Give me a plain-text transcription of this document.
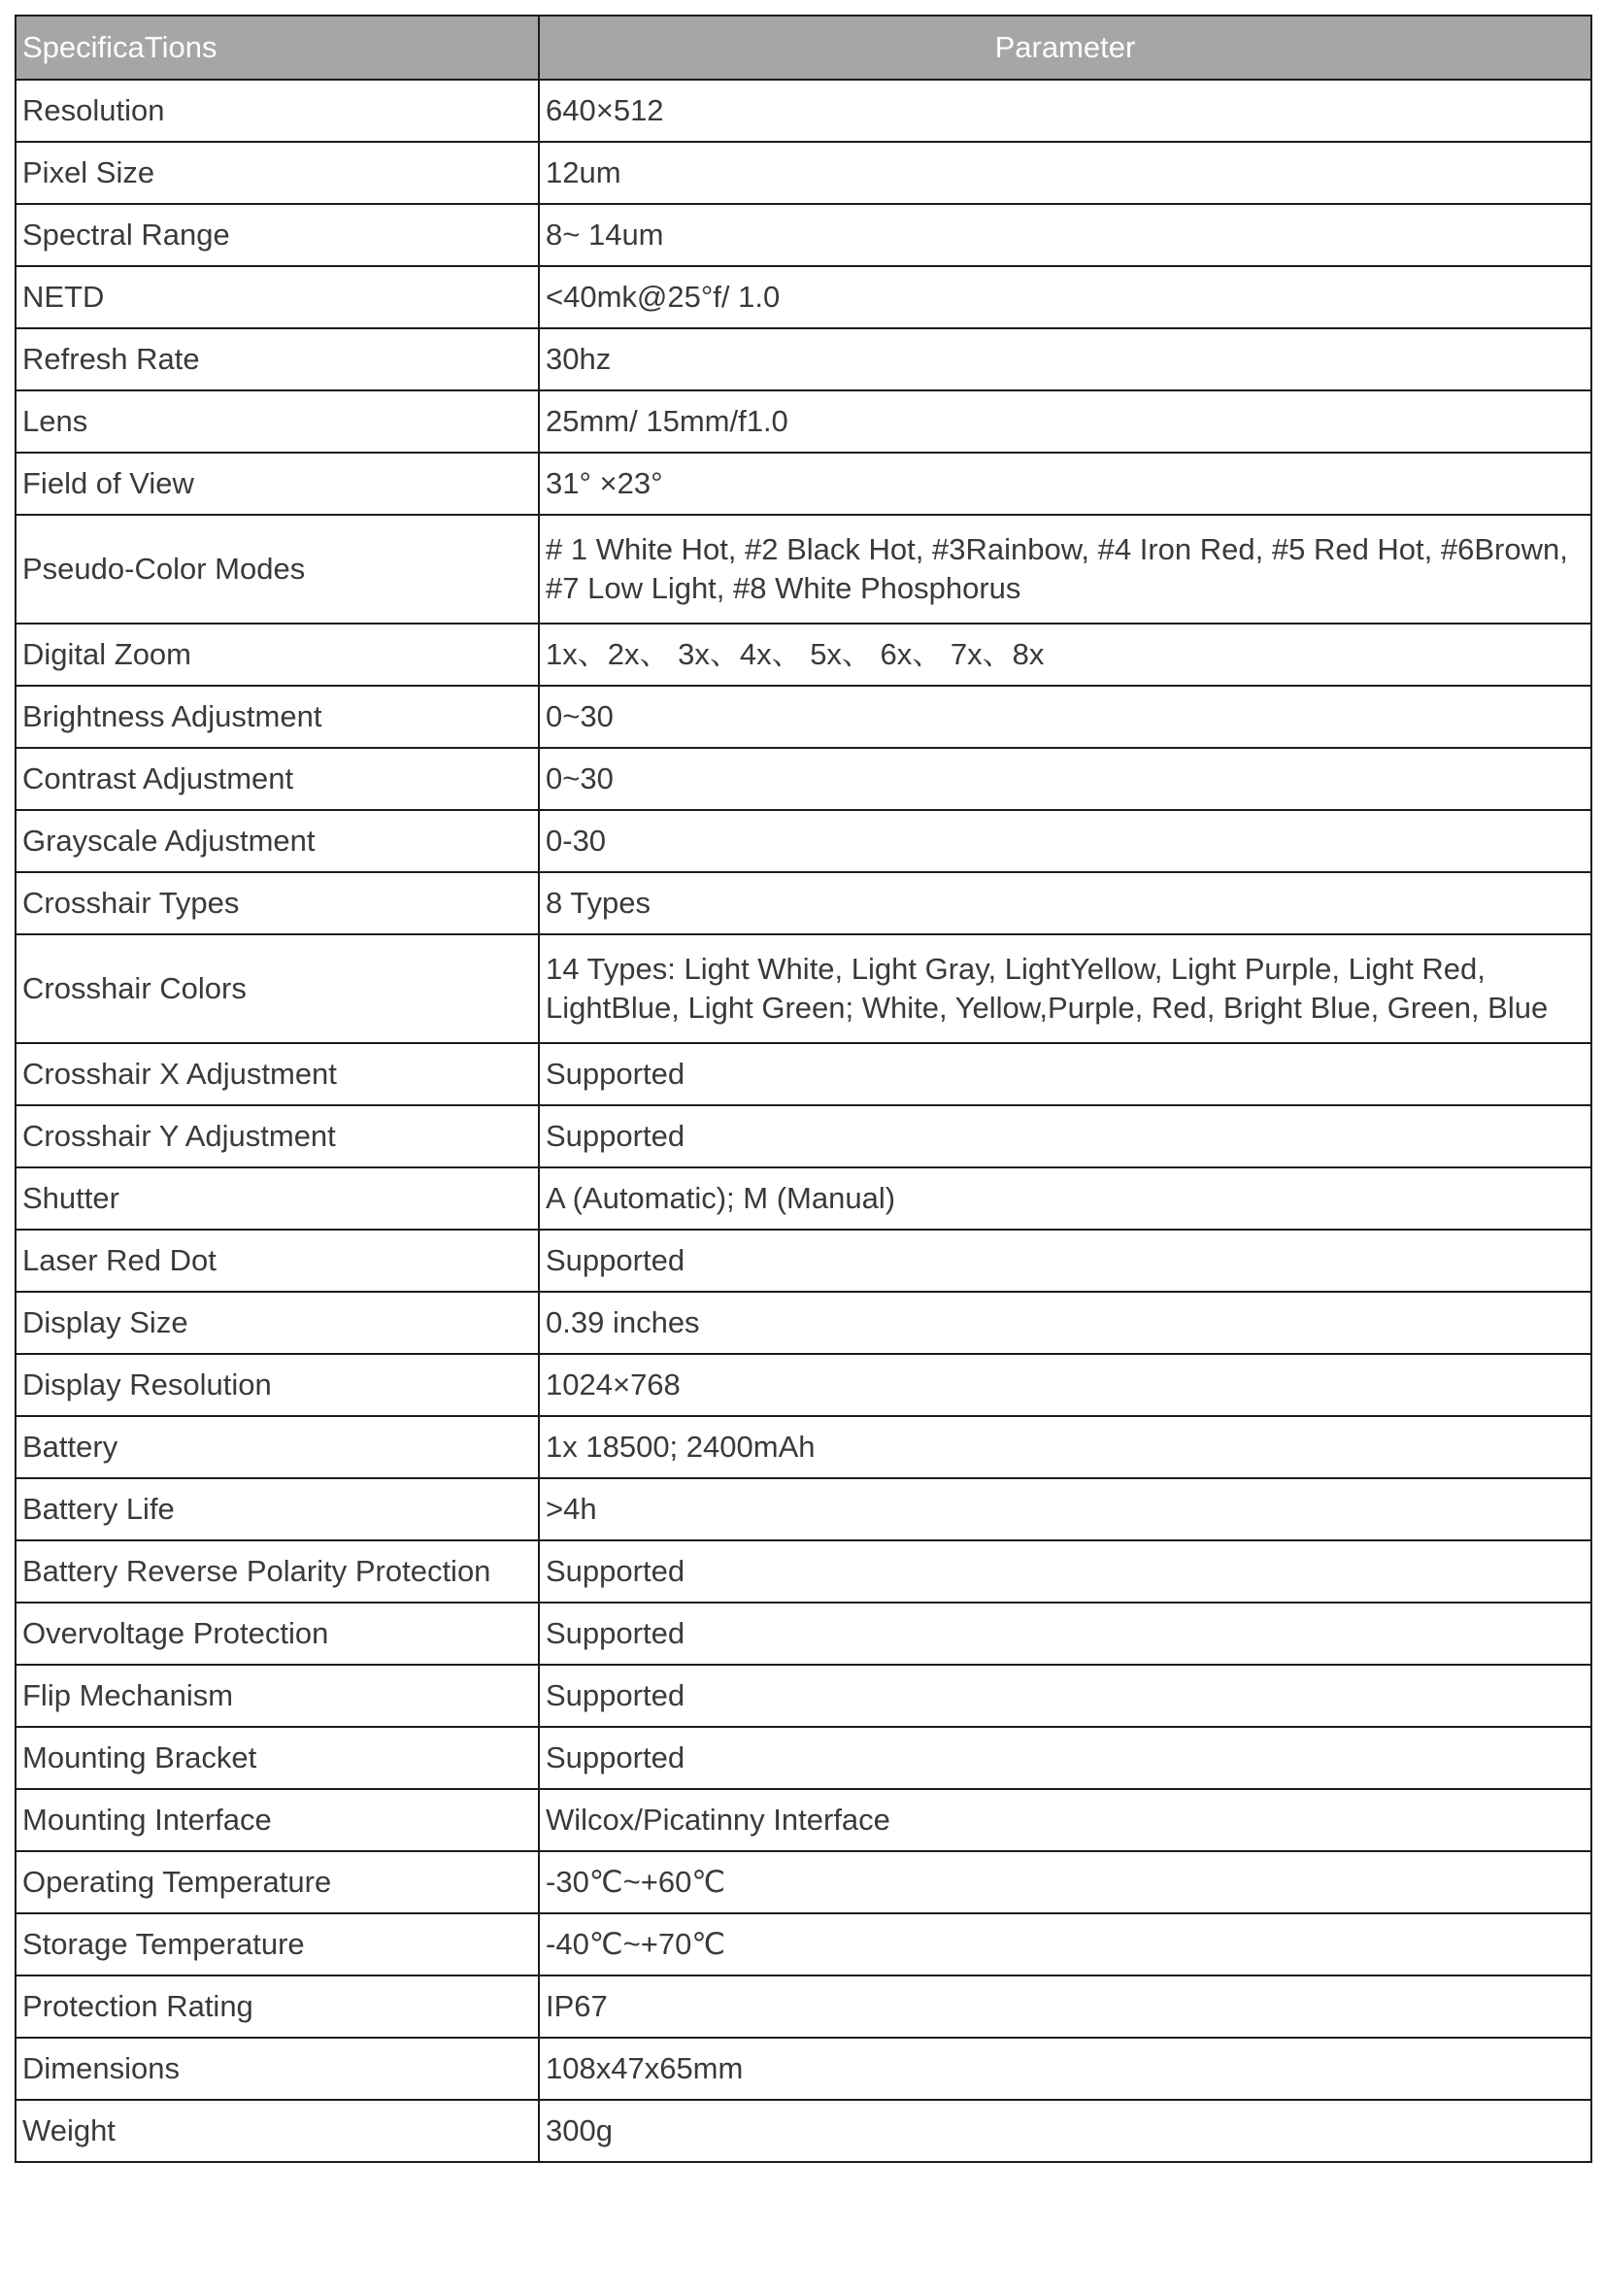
SpecificaTions	Parameter
Resolution	640×512
Pixel Size	12um
Spectral Range	8~ 14um
NETD	<40mk@25°f/ 1.0
Refresh Rate	30hz
Lens	25mm/ 15mm/f1.0
Field of View	31° ×23°
Pseudo-Color Modes	# 1 White Hot, #2 Black Hot, #3Rainbow, #4 Iron Red, #5 Red Hot, #6Brown, #7 Low Light, #8 White Phosphorus
Digital Zoom	1x、2x、 3x、4x、 5x、 6x、 7x、8x
Brightness Adjustment	0~30
Contrast Adjustment	0~30
Grayscale Adjustment	0-30
Crosshair Types	8 Types
Crosshair Colors	14 Types: Light White, Light Gray, LightYellow, Light Purple, Light Red, LightBlue, Light Green; White, Yellow,Purple, Red, Bright Blue, Green, Blue
Crosshair X Adjustment	Supported
Crosshair Y Adjustment	Supported
Shutter	A (Automatic); M (Manual)
Laser Red Dot	Supported
Display Size	0.39 inches
Display Resolution	1024×768
Battery	1x 18500; 2400mAh
Battery Life	>4h
Battery Reverse Polarity Protection	Supported
Overvoltage Protection	Supported
Flip Mechanism	Supported
Mounting Bracket	Supported
Mounting Interface	Wilcox/Picatinny Interface
Operating Temperature	-30℃~+60℃
Storage Temperature	-40℃~+70℃
Protection Rating	IP67
Dimensions	108x47x65mm
Weight	300g
